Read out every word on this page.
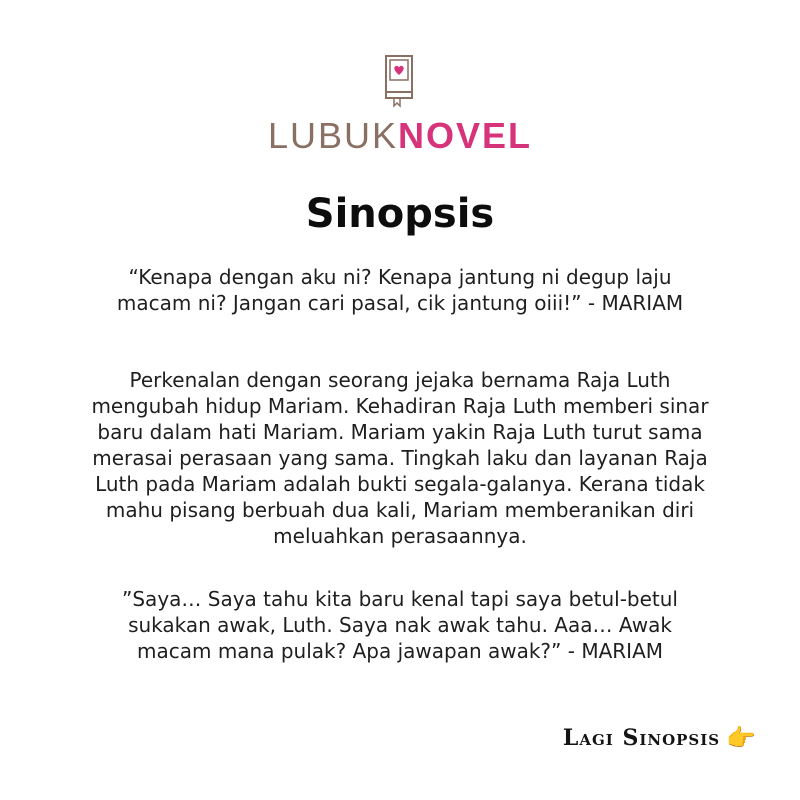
LUBUKNOVEL
Sinopsis
“Kenapa dengan aku ni? Kenapa jantung ni degup laju macam ni? Jangan cari pasal, cik jantung oiii!” - MARIAM
Perkenalan dengan seorang jejaka bernama Raja Luth mengubah hidup Mariam. Kehadiran Raja Luth memberi sinar baru dalam hati Mariam. Mariam yakin Raja Luth turut sama merasai perasaan yang sama. Tingkah laku dan layanan Raja Luth pada Mariam adalah bukti segala-galanya. Kerana tidak mahu pisang berbuah dua kali, Mariam memberanikan diri meluahkan perasaannya.
”Saya… Saya tahu kita baru kenal tapi saya betul-betul sukakan awak, Luth. Saya nak awak tahu. Aaa… Awak macam mana pulak? Apa jawapan awak?” - MARIAM
Lagi Sinopsis 👉
